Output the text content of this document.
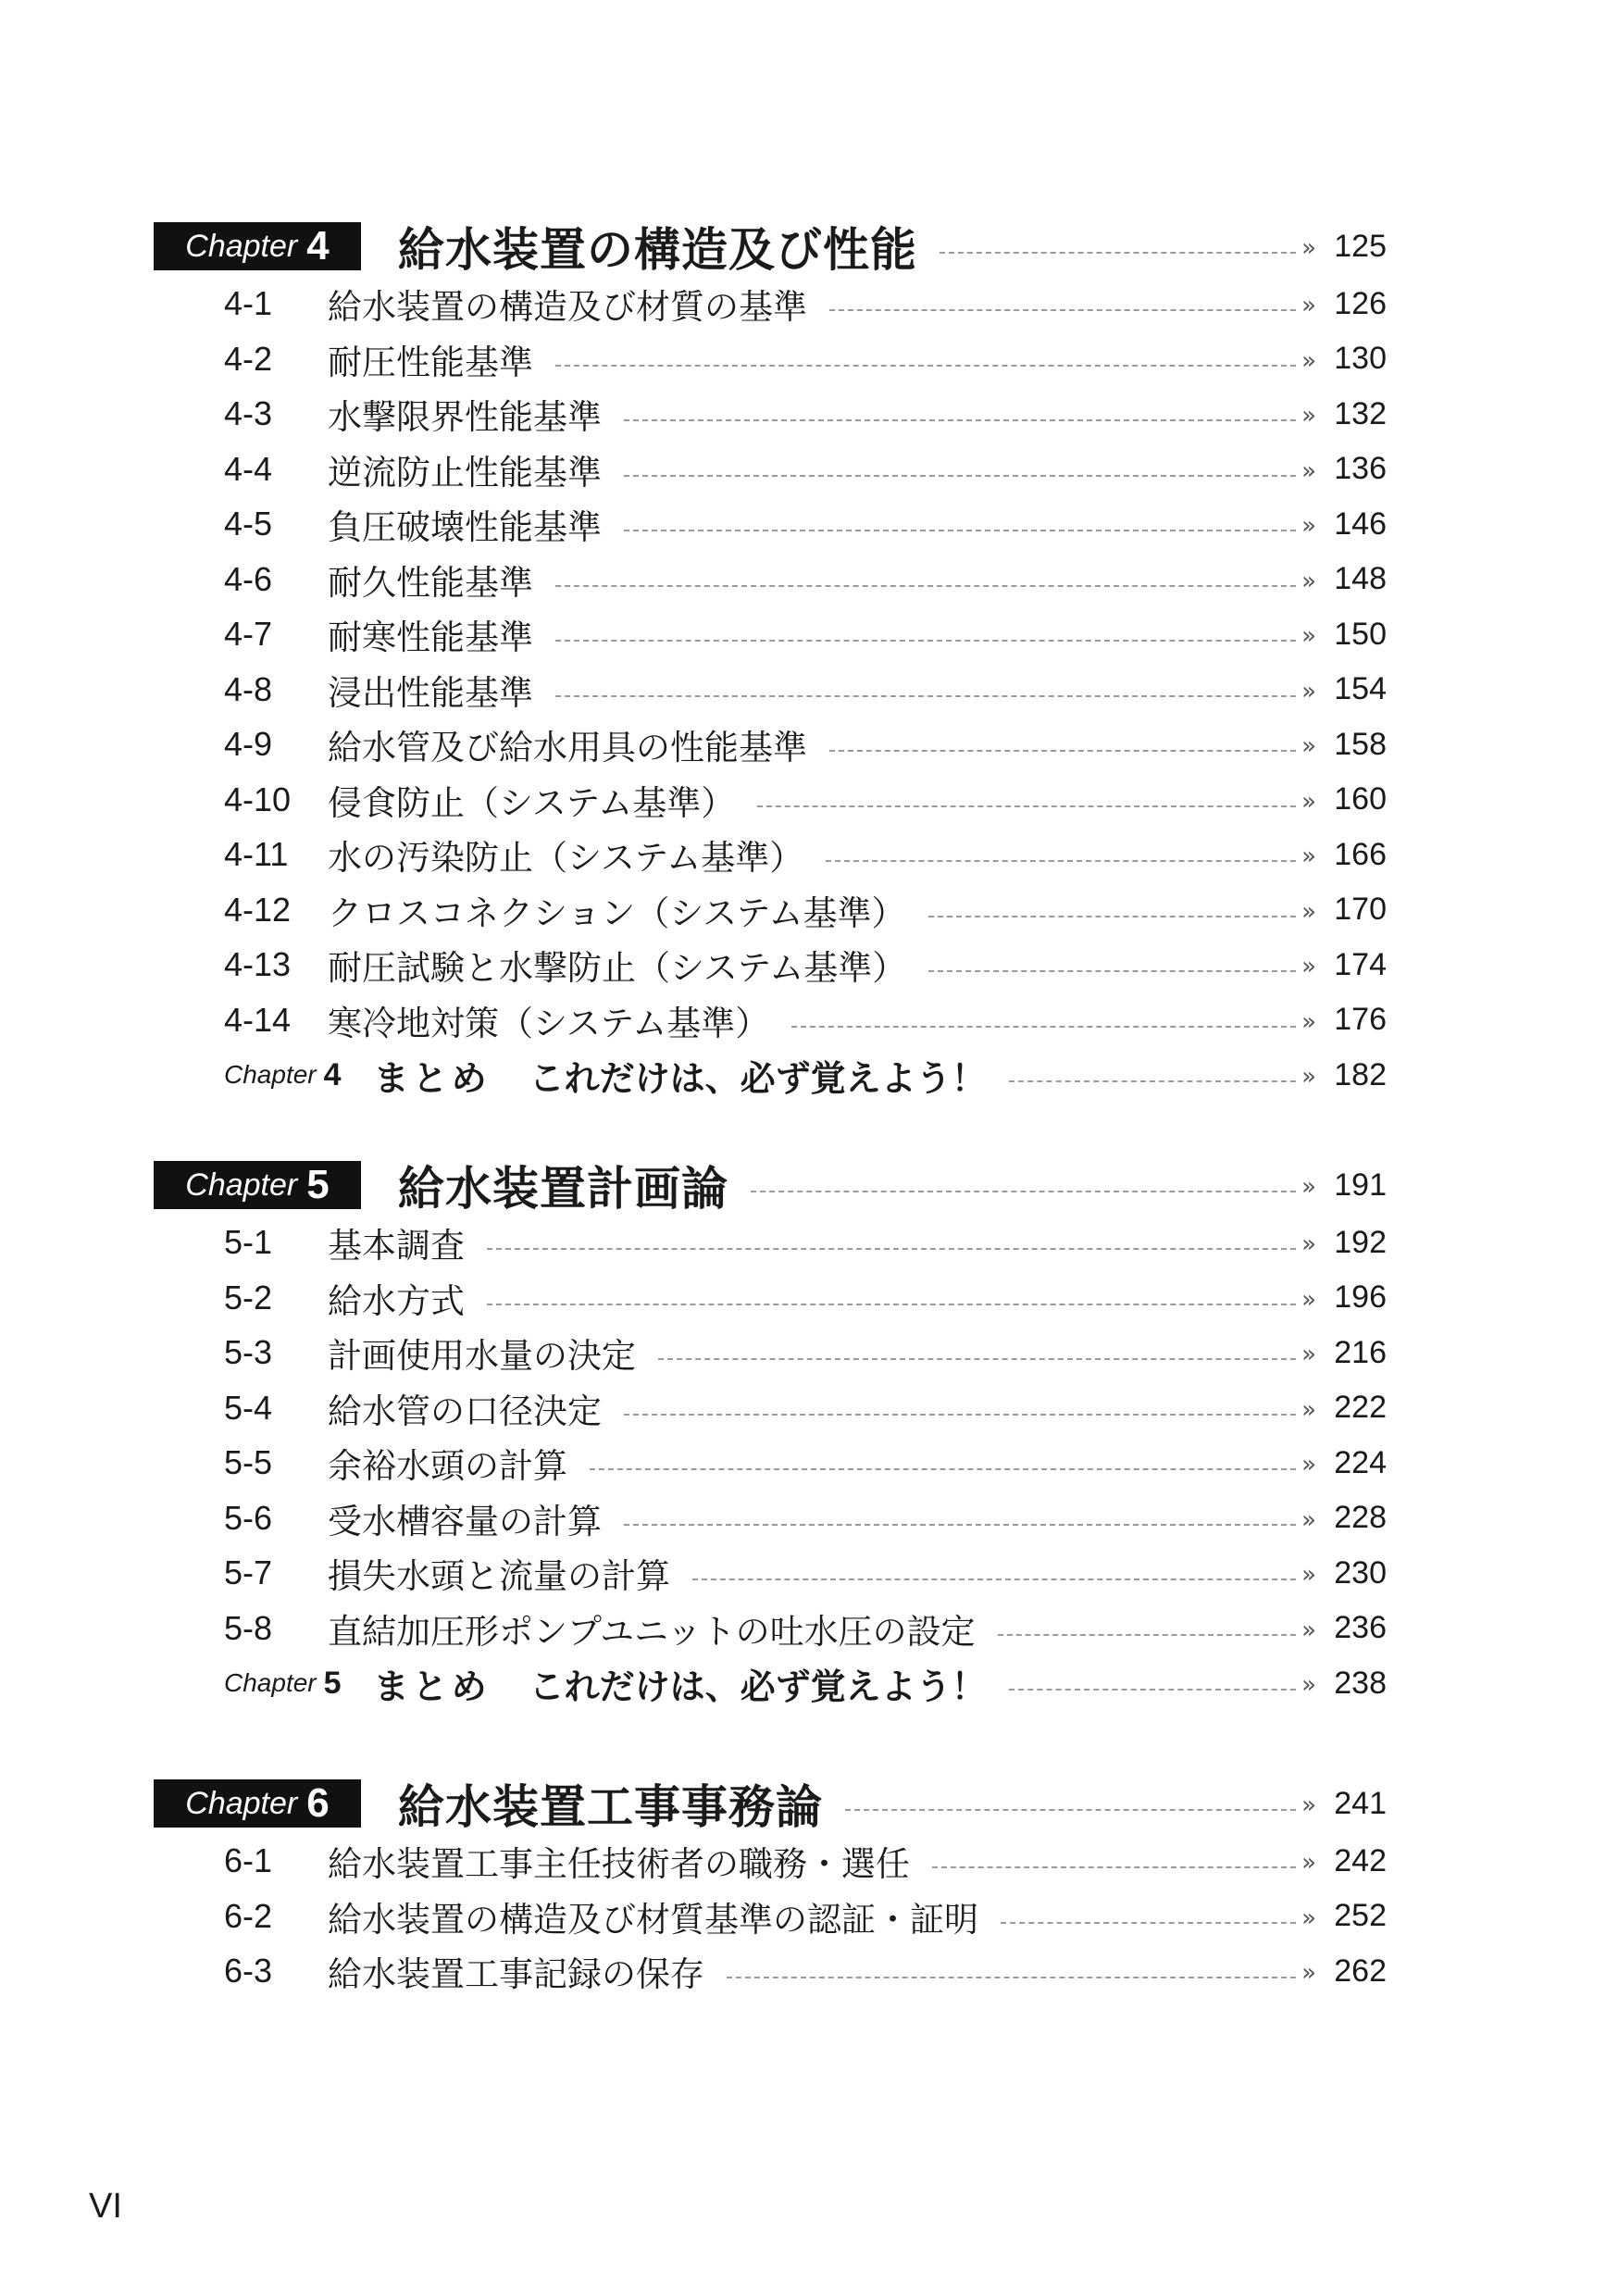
Chapter 4 給水装置の構造及び性能	» 125
4-1	給水装置の構造及び材質の基準	» 126
4-2	耐圧性能基準	» 130
4-3	水撃限界性能基準	» 132
4-4	逆流防止性能基準	» 136
4-5	負圧破壊性能基準	» 146
4-6	耐久性能基準	» 148
4-7	耐寒性能基準	» 150
4-8	浸出性能基準	» 154
4-9	給水管及び給水用具の性能基準	» 158
4-10	侵食防止（システム基準）	» 160
4-11	水の汚染防止（システム基準）	» 166
4-12	クロスコネクション（システム基準）	» 170
4-13	耐圧試験と水撃防止（システム基準）	» 174
4-14	寒冷地対策（システム基準）	» 176
Chapter 4 まとめ これだけは、必ず覚えよう！	» 182
Chapter 5 給水装置計画論	» 191
5-1	基本調査	» 192
5-2	給水方式	» 196
5-3	計画使用水量の決定	» 216
5-4	給水管の口径決定	» 222
5-5	余裕水頭の計算	» 224
5-6	受水槽容量の計算	» 228
5-7	損失水頭と流量の計算	» 230
5-8	直結加圧形ポンプユニットの吐水圧の設定	» 236
Chapter 5 まとめ これだけは、必ず覚えよう！	» 238
Chapter 6 給水装置工事事務論	» 241
6-1	給水装置工事主任技術者の職務・選任	» 242
6-2	給水装置の構造及び材質基準の認証・証明	» 252
6-3	給水装置工事記録の保存	» 262
VI
